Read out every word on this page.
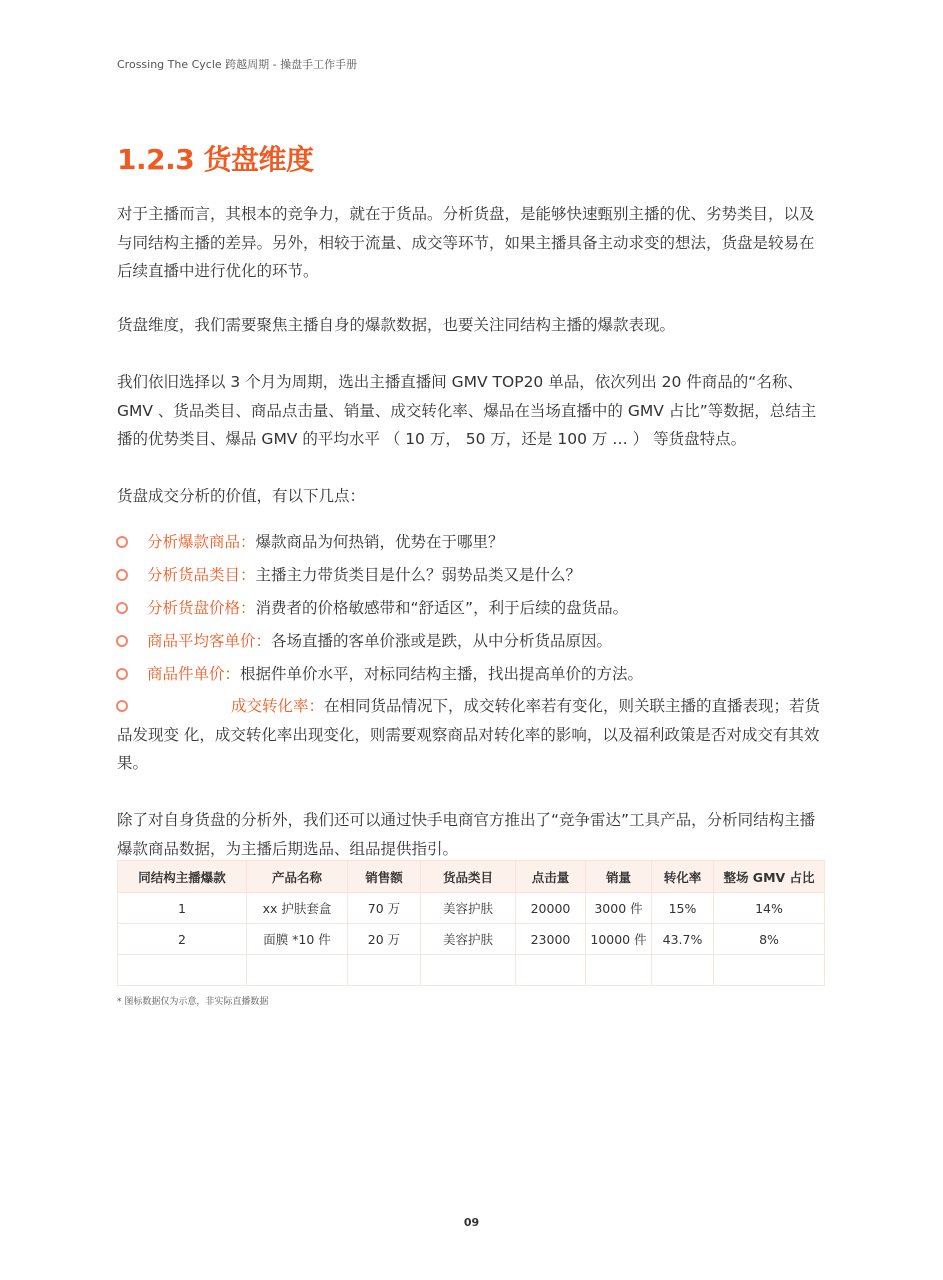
Crossing The Cycle 跨越周期 - 操盘手工作手册
1.2.3 货盘维度

对于主播而言，其根本的竞争力，就在于货品。分析货盘，是能够快速甄别主播的优、劣势类目，以及与同结构主播的差异。另外，相较于流量、成交等环节，如果主播具备主动求变的想法，货盘是较易在后续直播中进行优化的环节。

货盘维度，我们需要聚焦主播自身的爆款数据，也要关注同结构主播的爆款表现。

我们依旧选择以 3 个月为周期，选出主播直播间 GMV TOP20 单品，依次列出 20 件商品的“名称、GMV 、货品类目、商品点击量、销量、成交转化率、爆品在当场直播中的 GMV 占比”等数据，总结主播的优势类目、爆品 GMV 的平均水平 （ 10 万， 50 万，还是 100 万 … ） 等货盘特点。

货盘成交分析的价值，有以下几点：

分析爆款商品：爆款商品为何热销，优势在于哪里？
分析货品类目：主播主力带货类目是什么？弱势品类又是什么？
分析货盘价格：消费者的价格敏感带和“舒适区”，利于后续的盘货品。
商品平均客单价：各场直播的客单价涨或是跌，从中分析货品原因。
商品件单价：根据件单价水平，对标同结构主播，找出提高单价的方法。
成交转化率：在相同货品情况下，成交转化率若有变化，则关联主播的直播表现；若货品发现变 化，成交转化率出现变化，则需要观察商品对转化率的影响，以及福利政策是否对成交有其效果。

除了对自身货盘的分析外，我们还可以通过快手电商官方推出了“竞争雷达”工具产品，分析同结构主播爆款商品数据，为主播后期选品、组品提供指引。

同结构主播爆款	产品名称	销售额	货品类目	点击量	销量	转化率	整场 GMV 占比
1	xx 护肤套盒	70 万	美容护肤	20000	3000 件	15%	14%
2	面膜 *10 件	20 万	美容护肤	23000	10000 件	43.7%	8%

* 图标数据仅为示意，非实际直播数据
09
